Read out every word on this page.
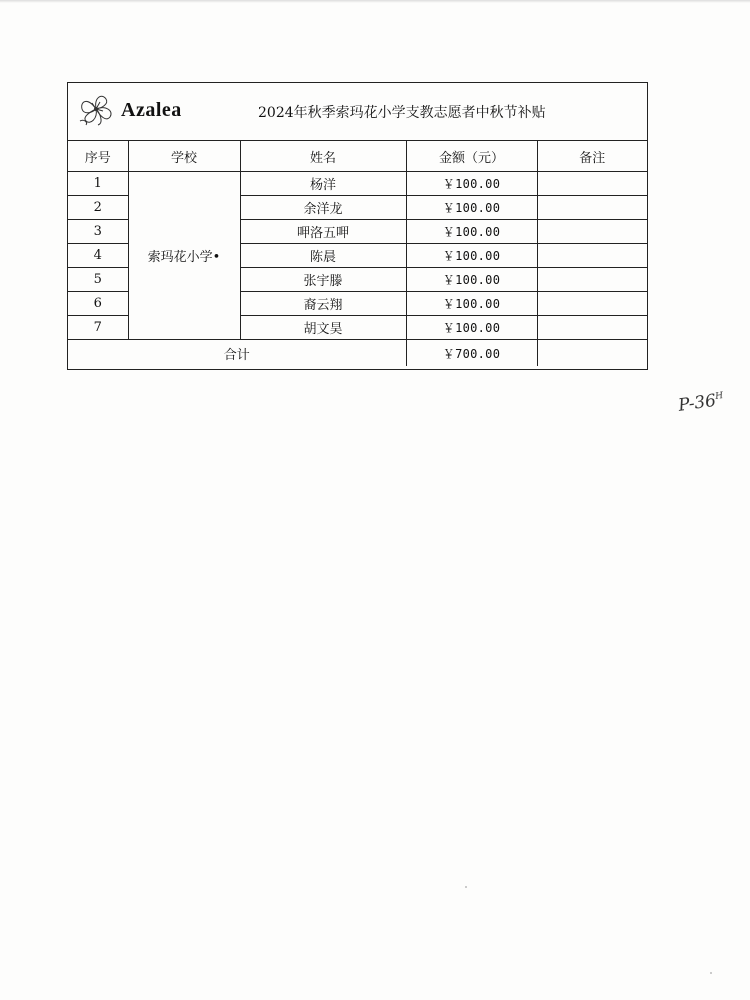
Azalea	2024年秋季索玛花小学支教志愿者中秋节补贴
序号	学校	姓名	金额（元）	备注
1	索玛花小学•	杨洋	￥100.00	
2		余洋龙	￥100.00	
3		呷洛五呷	￥100.00	
4		陈晨	￥100.00	
5		张宇滕	￥100.00	
6		裔云翔	￥100.00	
7		胡文昊	￥100.00	
合计			￥700.00	
$P-36^H$
